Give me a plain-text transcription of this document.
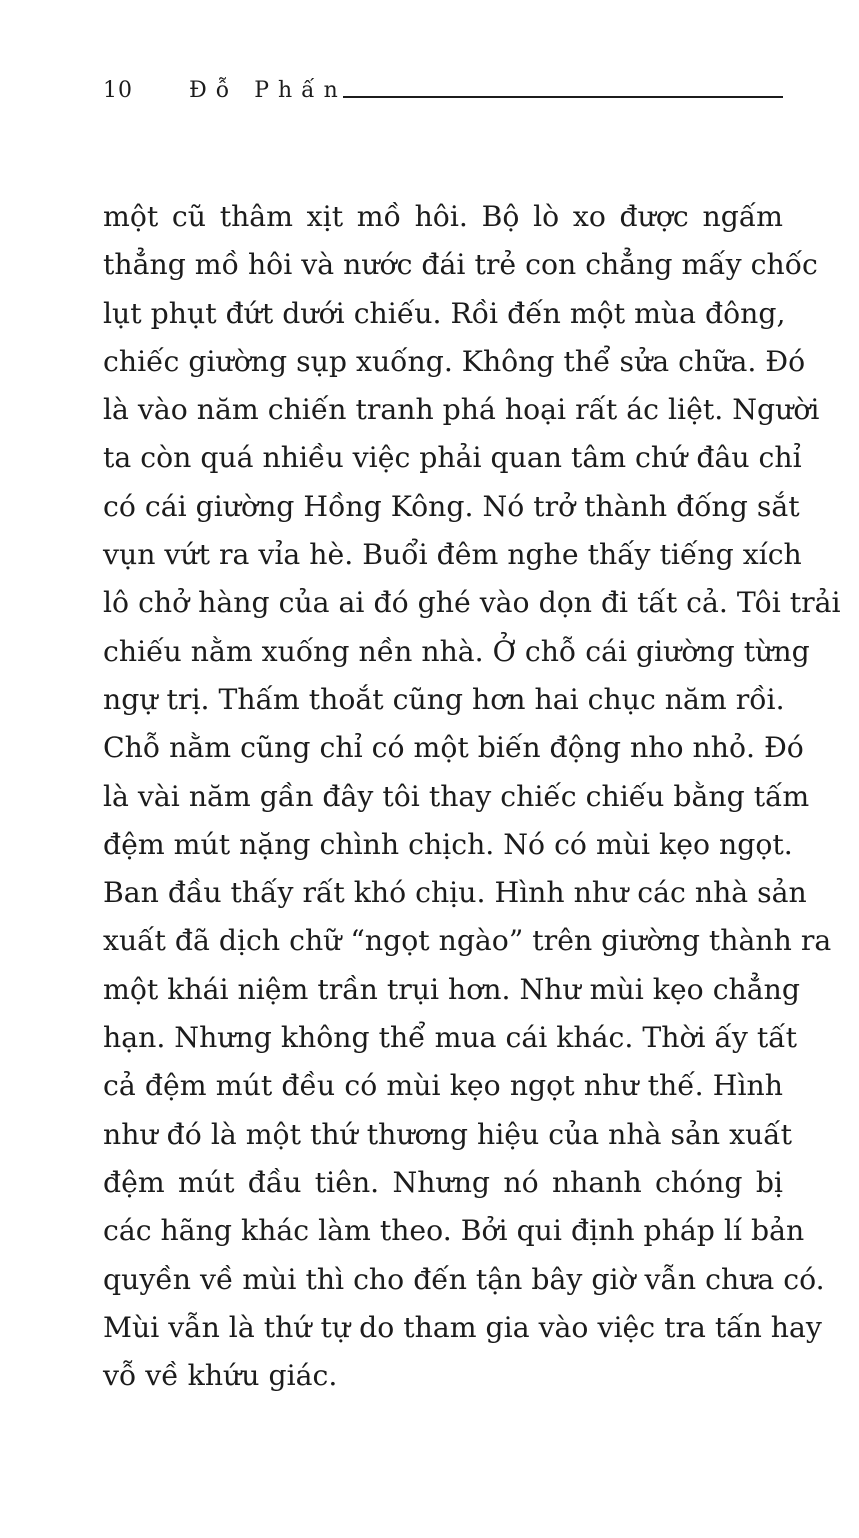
10	Đỗ Phấn
một cũ thâm xịt mồ hôi. Bộ lò xo được ngấm
thẳng mồ hôi và nước đái trẻ con chẳng mấy chốc
lụt phụt đứt dưới chiếu. Rồi đến một mùa đông,
chiếc giường sụp xuống. Không thể sửa chữa. Đó
là vào năm chiến tranh phá hoại rất ác liệt. Người
ta còn quá nhiều việc phải quan tâm chứ đâu chỉ
có cái giường Hồng Kông. Nó trở thành đống sắt
vụn vứt ra vỉa hè. Buổi đêm nghe thấy tiếng xích
lô chở hàng của ai đó ghé vào dọn đi tất cả. Tôi trải
chiếu nằm xuống nền nhà. Ở chỗ cái giường từng
ngự trị. Thấm thoắt cũng hơn hai chục năm rồi.
Chỗ nằm cũng chỉ có một biến động nho nhỏ. Đó
là vài năm gần đây tôi thay chiếc chiếu bằng tấm
đệm mút nặng chình chịch. Nó có mùi kẹo ngọt.
Ban đầu thấy rất khó chịu. Hình như các nhà sản
xuất đã dịch chữ “ngọt ngào” trên giường thành ra
một khái niệm trần trụi hơn. Như mùi kẹo chẳng
hạn. Nhưng không thể mua cái khác. Thời ấy tất
cả đệm mút đều có mùi kẹo ngọt như thế. Hình
như đó là một thứ thương hiệu của nhà sản xuất
đệm mút đầu tiên. Nhưng nó nhanh chóng bị
các hãng khác làm theo. Bởi qui định pháp lí bản
quyền về mùi thì cho đến tận bây giờ vẫn chưa có.
Mùi vẫn là thứ tự do tham gia vào việc tra tấn hay
vỗ về khứu giác.
